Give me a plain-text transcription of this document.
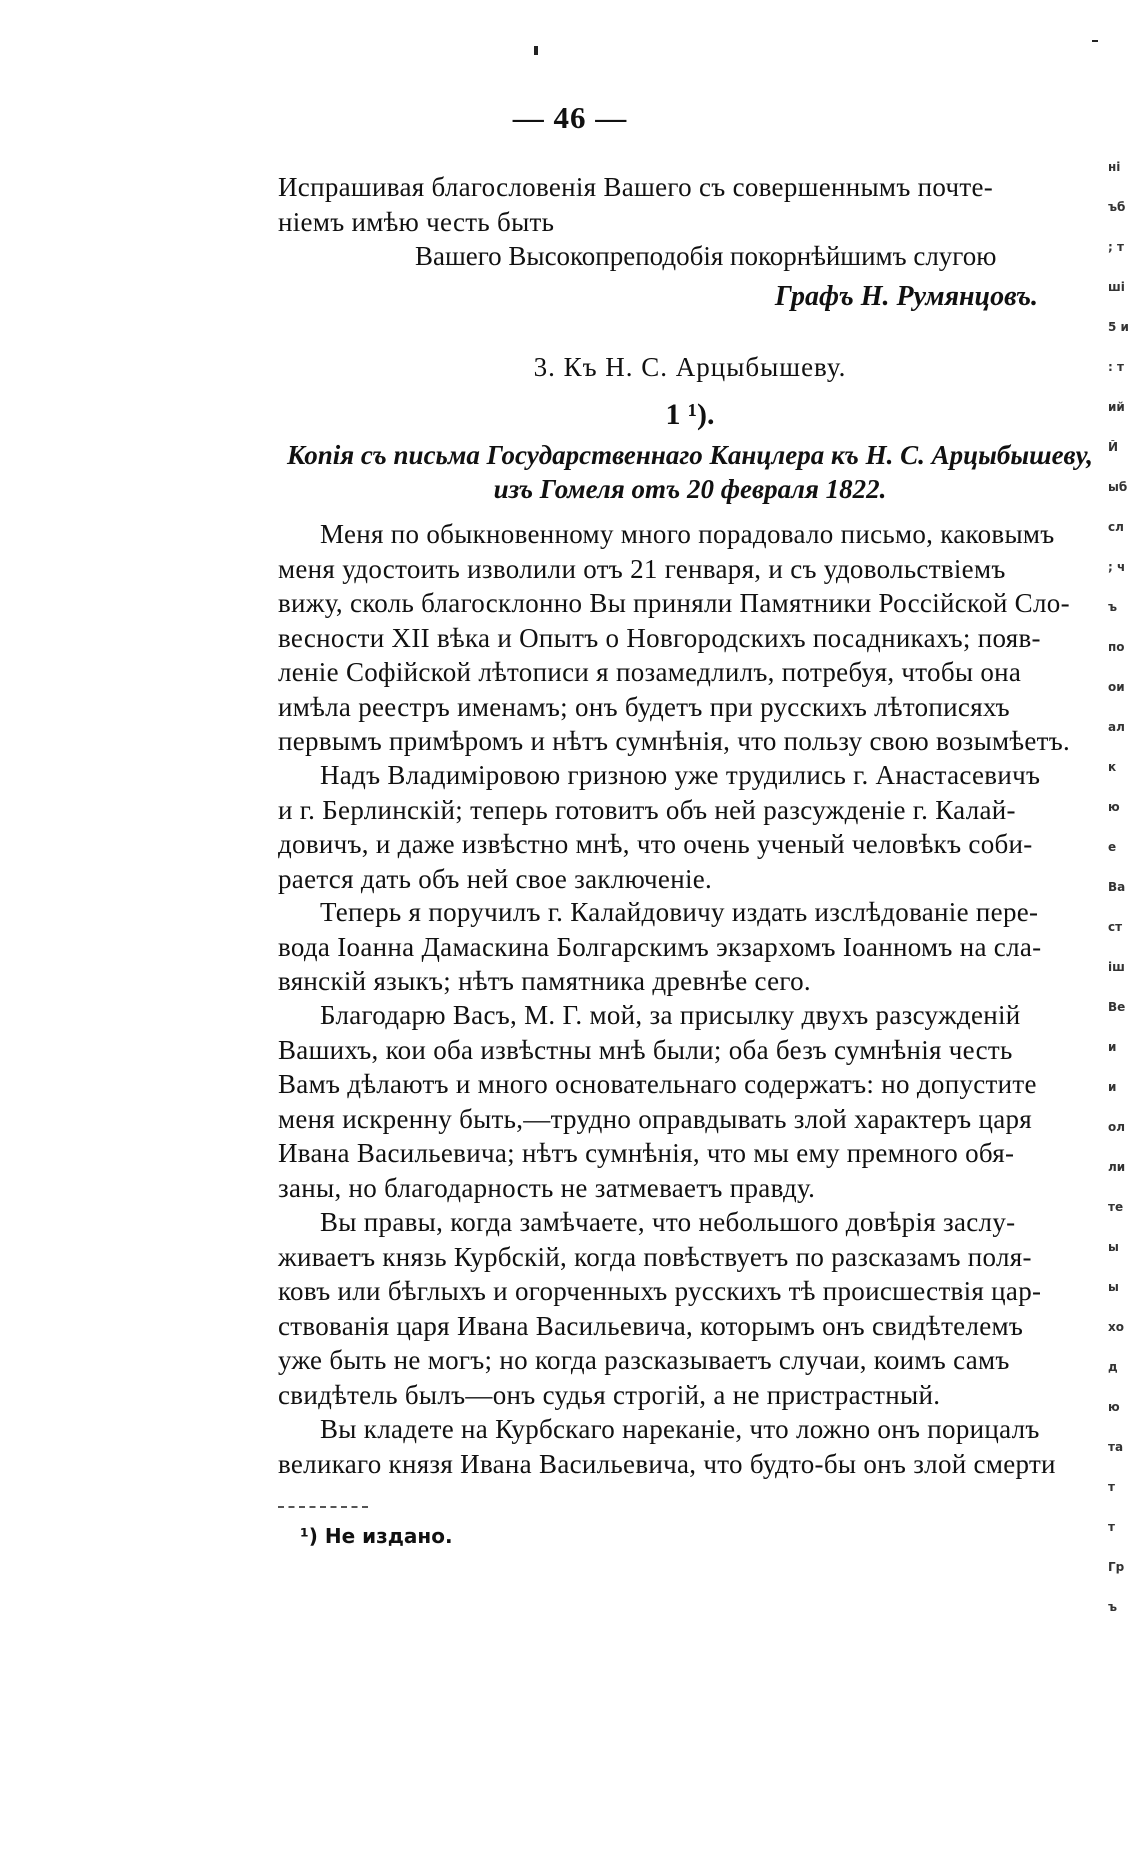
— 46 —
Испрашивая благословенія Вашего съ совершеннымъ почте-
ніемъ имѣю честь быть
Вашего Высокопреподобія покорнѣйшимъ слугою
Графъ Н. Румянцовъ.
3. Къ Н. С. Арцыбышеву.
1 ¹).
Копія съ письма Государственнаго Канцлера къ Н. С. Арцыбышеву,
изъ Гомеля отъ 20 февраля 1822.
Меня по обыкновенному много порадовало письмо, каковымъ
меня удостоить изволили отъ 21 генваря, и съ удовольствіемъ
вижу, сколь благосклонно Вы приняли Памятники Россійской Сло-
весности XII вѣка и Опытъ о Новгородскихъ посадникахъ; появ-
леніе Софійской лѣтописи я позамедлилъ, потребуя, чтобы она
имѣла реестръ именамъ; онъ будетъ при русскихъ лѣтописяхъ
первымъ примѣромъ и нѣтъ сумнѣнія, что пользу свою возымѣетъ.
Надъ Владиміровою гризною уже трудились г. Анастасевичъ
и г. Берлинскій; теперь готовитъ объ ней разсужденіе г. Калай-
довичъ, и даже извѣстно мнѣ, что очень ученый человѣкъ соби-
рается дать объ ней свое заключеніе.
Теперь я поручилъ г. Калайдовичу издать изслѣдованіе пере-
вода Іоанна Дамаскина Болгарскимъ экзархомъ Іоанномъ на сла-
вянскій языкъ; нѣтъ памятника древнѣе сего.
Благодарю Васъ, М. Г. мой, за присылку двухъ разсужденій
Вашихъ, кои оба извѣстны мнѣ были; оба безъ сумнѣнія честь
Вамъ дѣлаютъ и много основательнаго содержатъ: но допустите
меня искренну быть,—трудно оправдывать злой характеръ царя
Ивана Васильевича; нѣтъ сумнѣнія, что мы ему премного обя-
заны, но благодарность не затмеваетъ правду.
Вы правы, когда замѣчаете, что небольшого довѣрія заслу-
живаетъ князь Курбскій, когда повѣствуетъ по разсказамъ поля-
ковъ или бѣглыхъ и огорченныхъ русскихъ тѣ происшествія цар-
ствованія царя Ивана Васильевича, которымъ онъ свидѣтелемъ
уже быть не могъ; но когда разсказываетъ случаи, коимъ самъ
свидѣтель былъ—онъ судья строгій, а не пристрастный.
Вы кладете на Курбскаго нареканіе, что ложно онъ порицалъ
великаго князя Ивана Васильевича, что будто-бы онъ злой смерти
¹) Не издано.
ні
ъб
; т
ші
5 и
: т
ий
Й
ыб
сл
; ч
ъ
по
ои
ал
к
ю
е
Ва
ст
іш
Ве
и
и
ол
ли
те
ы
ы
хо
д
ю
та
т
т
Гр
ъ
